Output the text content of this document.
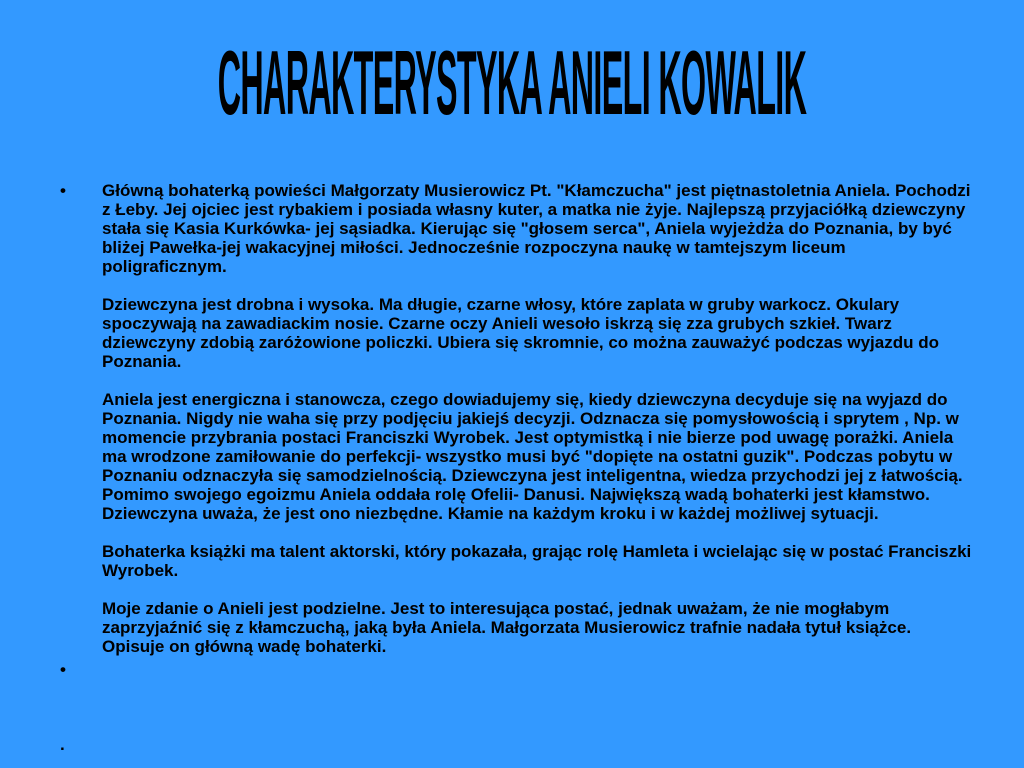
CHARAKTERYSTYKA ANIELI KOWALIK
•	Główną bohaterką powieści Małgorzaty Musierowicz Pt. "Kłamczucha" jest piętnastoletnia Aniela. Pochodzi z Łeby. Jej ojciec jest rybakiem i posiada własny kuter, a matka nie żyje. Najlepszą przyjaciółką dziewczyny stała się Kasia Kurkówka- jej sąsiadka. Kierując się "głosem serca", Aniela wyjeżdża do Poznania, by być bliżej Pawełka-jej wakacyjnej miłości. Jednocześnie rozpoczyna naukę w tamtejszym liceum poligraficznym.

Dziewczyna jest drobna i wysoka. Ma długie, czarne włosy, które zaplata w gruby warkocz. Okulary spoczywają na zawadiackim nosie. Czarne oczy Anieli wesoło iskrzą się zza grubych szkieł. Twarz dziewczyny zdobią zaróżowione policzki. Ubiera się skromnie, co można zauważyć podczas wyjazdu do Poznania.

Aniela jest energiczna i stanowcza, czego dowiadujemy się, kiedy dziewczyna decyduje się na wyjazd do Poznania. Nigdy nie waha się przy podjęciu jakiejś decyzji. Odznacza się pomysłowością i sprytem , Np. w momencie przybrania postaci Franciszki Wyrobek. Jest optymistką i nie bierze pod uwagę porażki. Aniela ma wrodzone zamiłowanie do perfekcji- wszystko musi być "dopięte na ostatni guzik". Podczas pobytu w Poznaniu odznaczyła się samodzielnością. Dziewczyna jest inteligentna, wiedza przychodzi jej z łatwością. Pomimo swojego egoizmu Aniela oddała rolę Ofelii- Danusi. Największą wadą bohaterki jest kłamstwo. Dziewczyna uważa, że jest ono niezbędne. Kłamie na każdym kroku i w każdej możliwej sytuacji.

Bohaterka książki ma talent aktorski, który pokazała, grając rolę Hamleta i wcielając się w postać Franciszki Wyrobek.

Moje zdanie o Anieli jest podzielne. Jest to interesująca postać, jednak uważam, że nie mogłabym zaprzyjaźnić się z kłamczuchą, jaką była Aniela. Małgorzata Musierowicz trafnie nadała tytuł książce. Opisuje on główną wadę bohaterki.

•
.
